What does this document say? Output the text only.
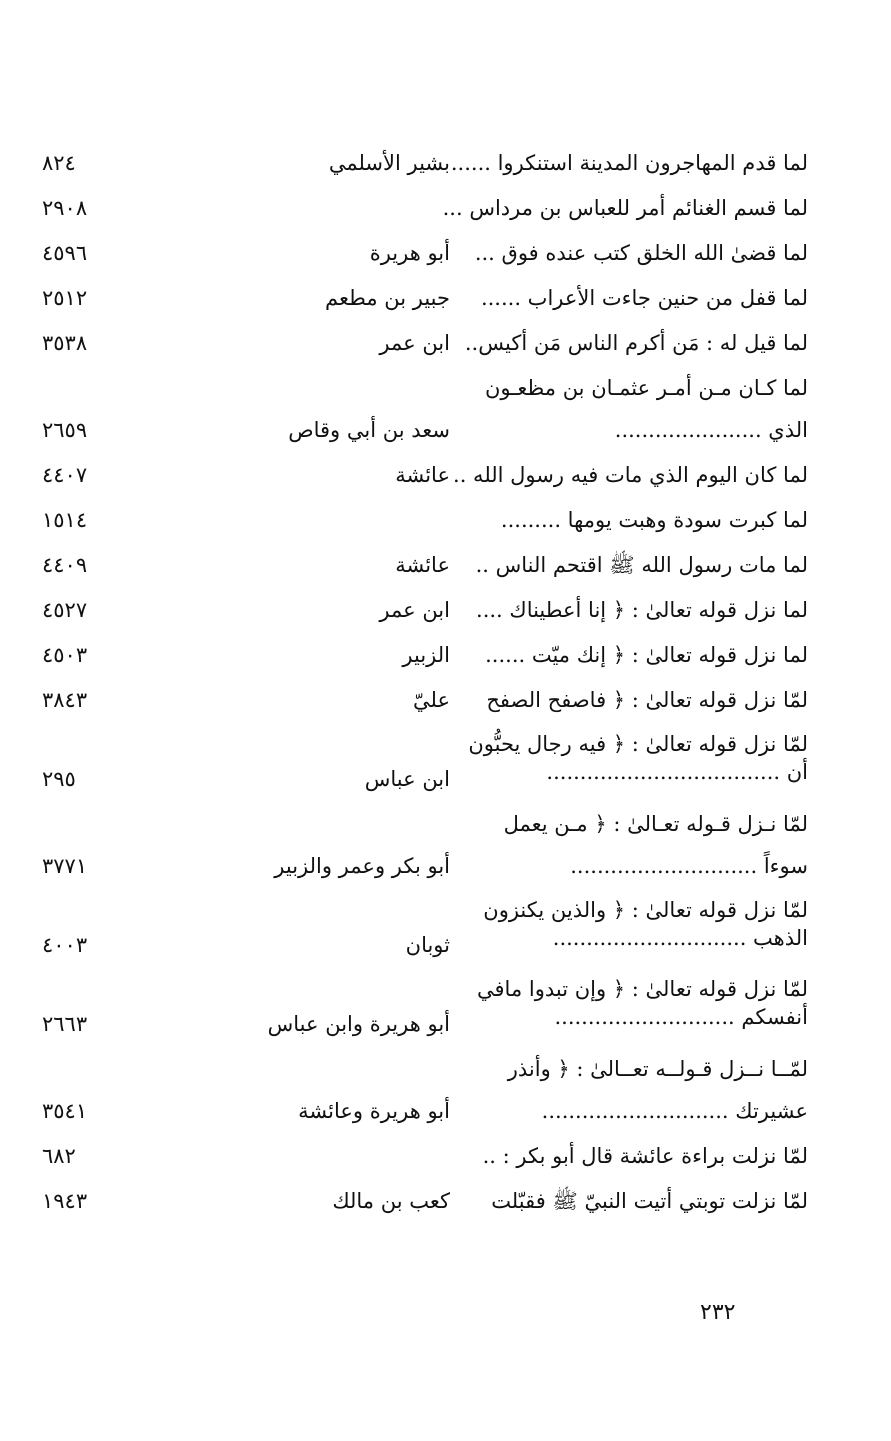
لما قدم المهاجرون المدينة استنكروا ......
بشير الأسلمي
٨٢٤
لما قسم الغنائم أمر للعباس بن مرداس ...
٢٩٠٨
لما قضىٰ الله الخلق كتب عنده فوق ...
أبو هريرة
٤٥٩٦
لما قفل من حنين جاءت الأعراب ......
جبير بن مطعم
٢٥١٢
لما قيل له : مَن أكرم الناس مَن أكيس..
ابن عمر
٣٥٣٨
لما كـان مـن أمـر عثمـان بن مظعـون
الذي ......................
سعد بن أبي وقاص
٢٦٥٩
لما كان اليوم الذي مات فيه رسول الله ..
عائشة
٤٤٠٧
لما كبرت سودة وهبت يومها .........
١٥١٤
لما مات رسول الله ﷺ اقتحم الناس ..
عائشة
٤٤٠٩
لما نزل قوله تعالىٰ : ﴿ إنا أعطيناك ....
ابن عمر
٤٥٢٧
لما نزل قوله تعالىٰ : ﴿ إنك ميّت ......
الزبير
٤٥٠٣
لمّا نزل قوله تعالىٰ : ﴿ فاصفح الصفح
عليّ
٣٨٤٣
لمّا نزل قوله تعالىٰ : ﴿ فيه رجال يحبُّون
أن ...................................
ابن عباس
٢٩٥
لمّا نـزل قـوله تعـالىٰ : ﴿ مـن يعمل
سوءاً ............................
أبو بكر وعمر والزبير
٣٧٧١
لمّا نزل قوله تعالىٰ : ﴿ والذين يكنزون
الذهب .............................
ثوبان
٤٠٠٣
لمّا نزل قوله تعالىٰ : ﴿ وإن تبدوا مافي
أنفسكم ...........................
أبو هريرة وابن عباس
٢٦٦٣
لمّــا نــزل قـولــه تعــالىٰ : ﴿ وأنذر
عشيرتك ............................
أبو هريرة وعائشة
٣٥٤١
لمّا نزلت براءة عائشة قال أبو بكر : ..
٦٨٢
لمّا نزلت توبتي أتيت النبيّ ﷺ فقبّلت
كعب بن مالك
١٩٤٣
٢٣٢
